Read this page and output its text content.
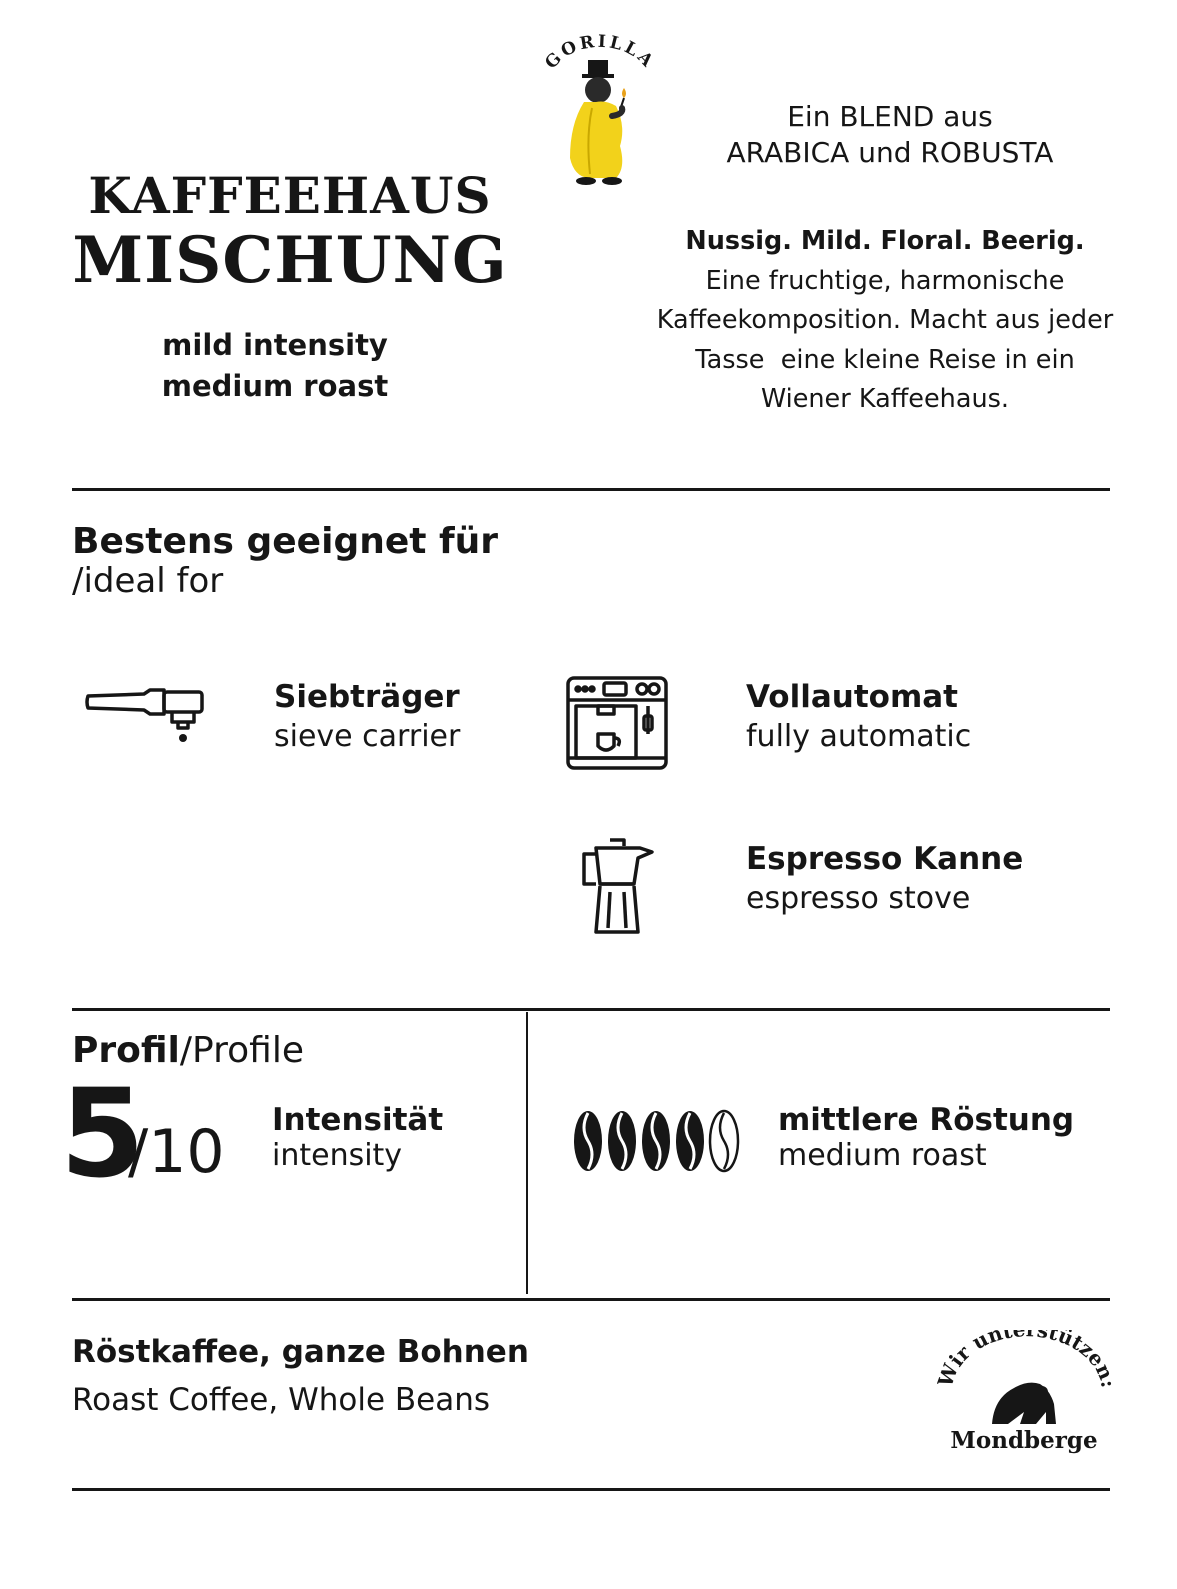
GORILLA
KAFFEEHAUS
MISCHUNG
mild intensity
medium roast
Ein BLEND aus
ARABICA und ROBUSTA
Nussig. Mild. Floral. Beerig.
Eine fruchtige, harmonische
Kaffeekomposition. Macht aus jeder
Tasse  eine kleine Reise in ein
Wiener Kaffeehaus.
Bestens geeignet für
/ideal for
Siebträger
sieve carrier
Vollautomat
fully automatic
Espresso Kanne
espresso stove
Profil/Profile
5
/10 Intensität
intensity
mittlere Röstung
medium roast
Röstkaffee, ganze Bohnen
Roast Coffee, Whole Beans
ir unt stütze
Mondberge
